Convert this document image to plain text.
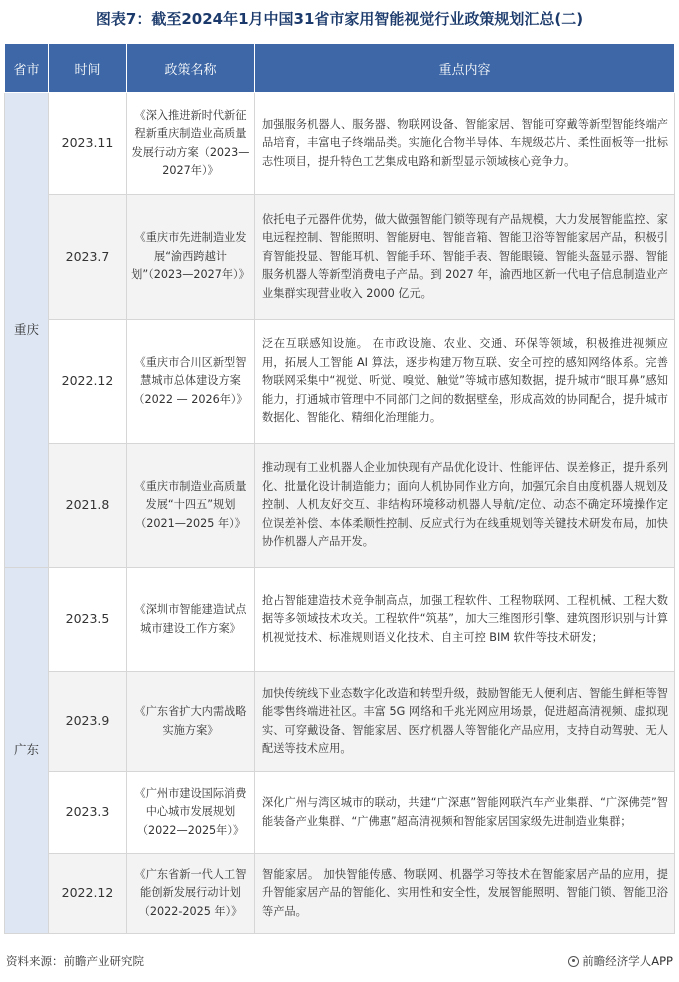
图表7：截至2024年1月中国31省市家用智能视觉行业政策规划汇总(二)
省市	时间	政策名称	重点内容
重庆	2023.11	《深入推进新时代新征程新重庆制造业高质量发展行动方案（2023—2027年）》	加强服务机器人、服务器、物联网设备、智能家居、智能可穿戴等新型智能终端产品培育，丰富电子终端品类。实施化合物半导体、车规级芯片、柔性面板等一批标志性项目，提升特色工艺集成电路和新型显示领域核心竞争力。
	2023.7	《重庆市先进制造业发展“渝西跨越计划”（2023—2027年）》	依托电子元器件优势，做大做强智能门锁等现有产品规模，大力发展智能监控、家电远程控制、智能照明、智能厨电、智能音箱、智能卫浴等智能家居产品，积极引育智能投显、智能耳机、智能手环、智能手表、智能眼镜、智能头盔显示器、智能服务机器人等新型消费电子产品。到 2027 年，渝西地区新一代电子信息制造业产业集群实现营业收入 2000 亿元。
	2022.12	《重庆市合川区新型智慧城市总体建设方案 （2022 — 2026年）》	泛在互联感知设施。 在市政设施、农业、交通、环保等领域，积极推进视频应用，拓展人工智能 AI 算法，逐步构建万物互联、安全可控的感知网络体系。完善物联网采集中“视觉、听觉、嗅觉、触觉”等城市感知数据，提升城市“眼耳鼻”感知能力，打通城市管理中不同部门之间的数据壁垒，形成高效的协同配合，提升城市数据化、智能化、精细化治理能力。
	2021.8	《重庆市制造业高质量发展“十四五”规划（2021—2025 年）》	推动现有工业机器人企业加快现有产品优化设计、性能评估、误差修正，提升系列化、批量化设计制造能力；面向人机协同作业方向，加强冗余自由度机器人规划及控制、人机友好交互、非结构环境移动机器人导航/定位、动态不确定环境操作定位误差补偿、本体柔顺性控制、反应式行为在线重规划等关键技术研发布局，加快协作机器人产品开发。
广东	2023.5	《深圳市智能建造试点城市建设工作方案》	抢占智能建造技术竞争制高点，加强工程软件、工程物联网、工程机械、工程大数据等多领域技术攻关。工程软件“筑基”，加大三维图形引擎、建筑图形识别与计算机视觉技术、标准规则语义化技术、自主可控 BIM 软件等技术研发；
	2023.9	《广东省扩大内需战略实施方案》	加快传统线下业态数字化改造和转型升级，鼓励智能无人便利店、智能生鲜柜等智能零售终端进社区。丰富 5G 网络和千兆光网应用场景，促进超高清视频、虚拟现实、可穿戴设备、智能家居、医疗机器人等智能化产品应用，支持自动驾驶、无人配送等技术应用。
	2023.3	《广州市建设国际消费中心城市发展规划（2022—2025年）》	深化广州与湾区城市的联动，共建“广深惠”智能网联汽车产业集群、“广深佛莞”智能装备产业集群、“广佛惠”超高清视频和智能家居国家级先进制造业集群；
	2022.12	《广东省新一代人工智能创新发展行动计划（2022-2025 年）》	智能家居。 加快智能传感、物联网、机器学习等技术在智能家居产品的应用，提升智能家居产品的智能化、实用性和安全性，发展智能照明、智能门锁、智能卫浴等产品。
资料来源：前瞻产业研究院	前瞻经济学人APP
